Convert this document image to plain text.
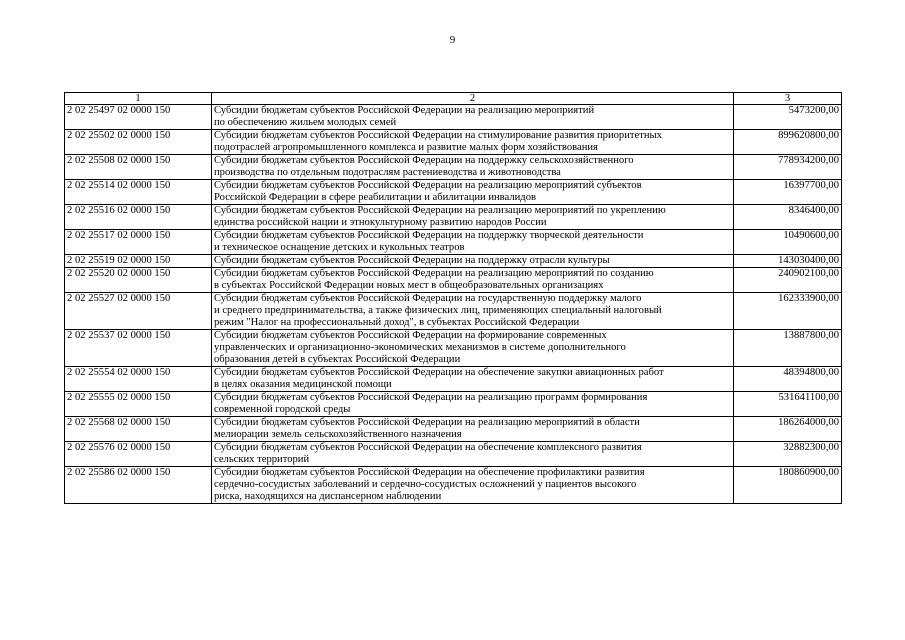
9
1	2	3
2 02 25497 02 0000 150	Субсидии бюджетам субъектов Российской Федерации на реализацию мероприятий
по обеспечению жильем молодых семей	5473200,00
2 02 25502 02 0000 150	Субсидии бюджетам субъектов Российской Федерации на стимулирование развития приоритетных
подотраслей агропромышленного комплекса и развитие малых форм хозяйствования	899620800,00
2 02 25508 02 0000 150	Субсидии бюджетам субъектов Российской Федерации на поддержку сельскохозяйственного
производства по отдельным подотраслям растениеводства и животноводства	778934200,00
2 02 25514 02 0000 150	Субсидии бюджетам субъектов Российской Федерации на реализацию мероприятий субъектов
Российской Федерации в сфере реабилитации и абилитации инвалидов	16397700,00
2 02 25516 02 0000 150	Субсидии бюджетам субъектов Российской Федерации на реализацию мероприятий по укреплению
единства российской нации и этнокультурному развитию народов России	8346400,00
2 02 25517 02 0000 150	Субсидии бюджетам субъектов Российской Федерации на поддержку творческой деятельности
и техническое оснащение детских и кукольных театров	10490600,00
2 02 25519 02 0000 150	Субсидии бюджетам субъектов Российской Федерации на поддержку отрасли культуры	143030400,00
2 02 25520 02 0000 150	Субсидии бюджетам субъектов Российской Федерации на реализацию мероприятий по созданию
в субъектах Российской Федерации новых мест в общеобразовательных организациях	240902100,00
2 02 25527 02 0000 150	Субсидии бюджетам субъектов Российской Федерации на государственную поддержку малого
и среднего предпринимательства, а также физических лиц, применяющих специальный налоговый
режим "Налог на профессиональный доход", в субъектах Российской Федерации	162333900,00
2 02 25537 02 0000 150	Субсидии бюджетам субъектов Российской Федерации на формирование современных
управленческих и организационно-экономических механизмов в системе дополнительного
образования детей в субъектах Российской Федерации	13887800,00
2 02 25554 02 0000 150	Субсидии бюджетам субъектов Российской Федерации на обеспечение закупки авиационных работ
в целях оказания медицинской помощи	48394800,00
2 02 25555 02 0000 150	Субсидии бюджетам субъектов Российской Федерации на реализацию программ формирования
современной городской среды	531641100,00
2 02 25568 02 0000 150	Субсидии бюджетам субъектов Российской Федерации на реализацию мероприятий в области
мелиорации земель сельскохозяйственного назначения	186264000,00
2 02 25576 02 0000 150	Субсидии бюджетам субъектов Российской Федерации на обеспечение комплексного развития
сельских территорий	32882300,00
2 02 25586 02 0000 150	Субсидии бюджетам субъектов Российской Федерации на обеспечение профилактики развития
сердечно-сосудистых заболеваний и сердечно-сосудистых осложнений у пациентов высокого
риска, находящихся на диспансерном наблюдении	180860900,00
